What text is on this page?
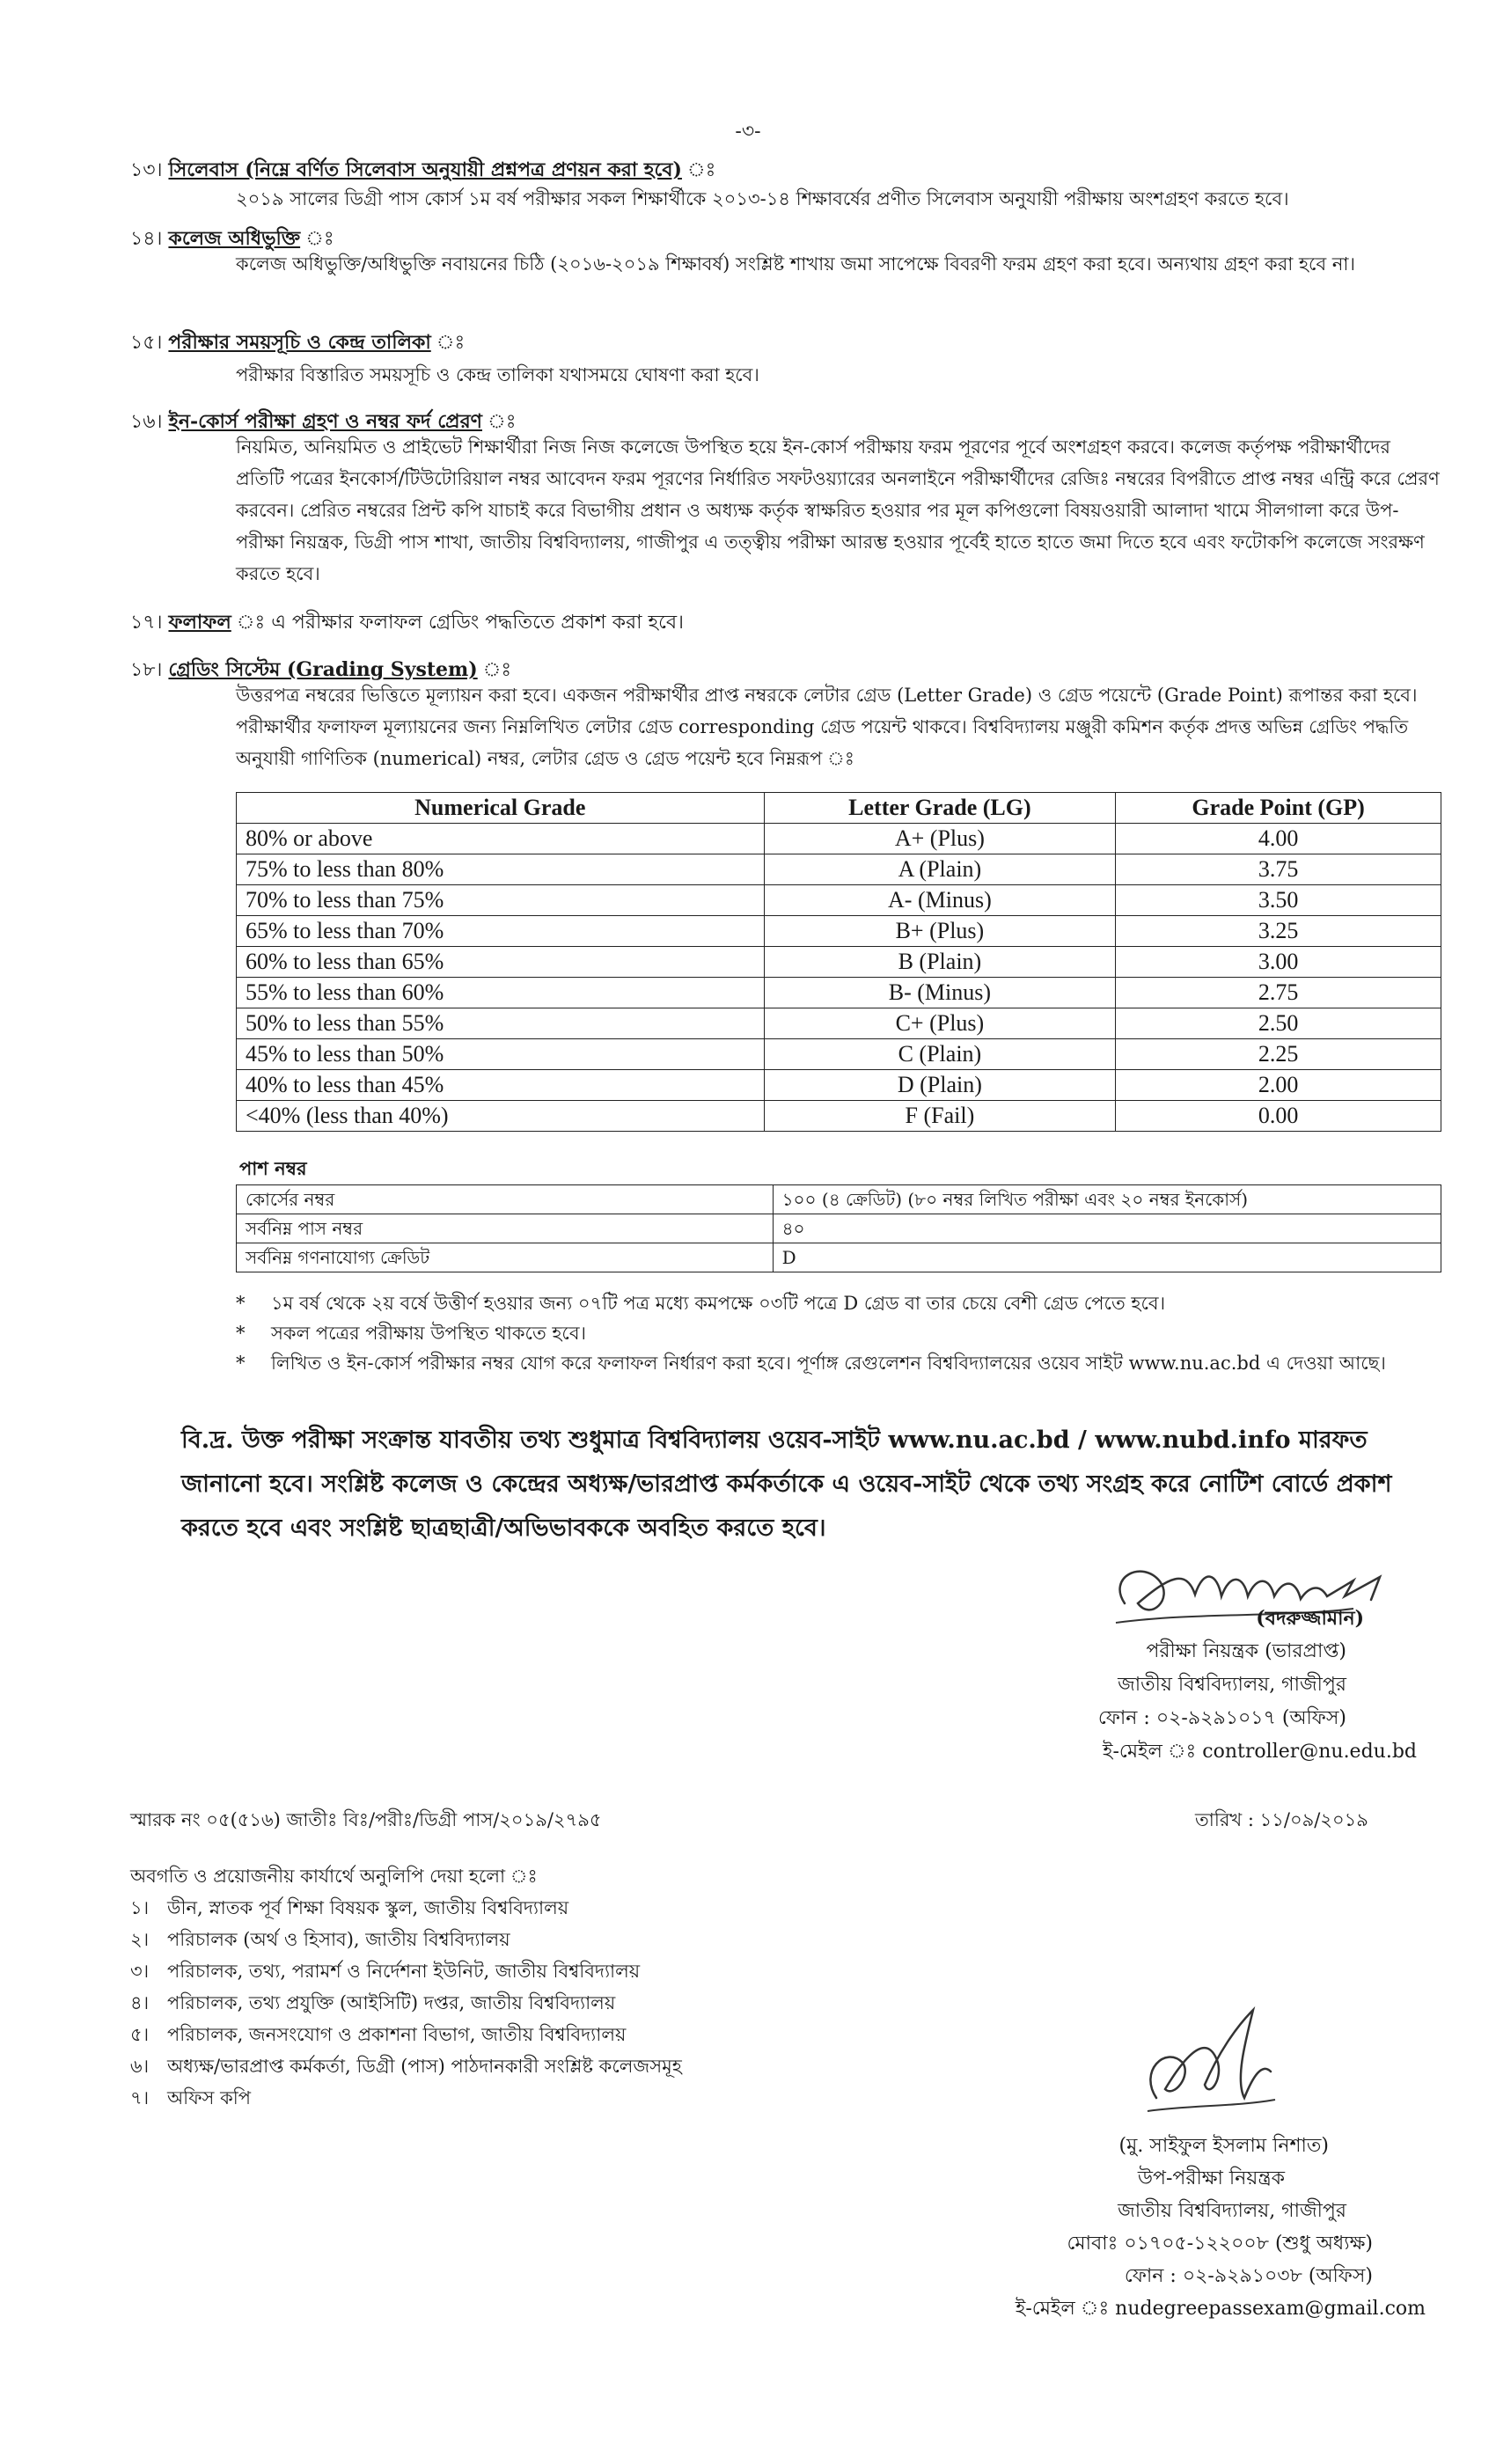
-৩-
১৩। সিলেবাস (নিম্নে বর্ণিত সিলেবাস অনুযায়ী প্রশ্নপত্র প্রণয়ন করা হবে)
২০১৯ সালের ডিগ্রী পাস কোর্স ১ম বর্ষ পরীক্ষার সকল শিক্ষার্থীকে ২০১৩-১৪ শিক্ষাবর্ষের প্রণীত সিলেবাস অনুযায়ী পরীক্ষায় অংশগ্রহণ করতে হবে।
১৪। কলেজ অধিভুক্তি
কলেজ অধিভুক্তি/অধিভুক্তি নবায়নের চিঠি (২০১৬-২০১৯ শিক্ষাবর্ষ) সংশ্লিষ্ট শাখায় জমা সাপেক্ষে বিবরণী ফরম গ্রহণ করা হবে। অন্যথায় গ্রহণ করা হবে না।
১৫। পরীক্ষার সময়সূচি ও কেন্দ্র তালিকা
পরীক্ষার বিস্তারিত সময়সূচি ও কেন্দ্র তালিকা যথাসময়ে ঘোষণা করা হবে।
১৬। ইন-কোর্স পরীক্ষা গ্রহণ ও নম্বর ফর্দ প্রেরণ
নিয়মিত, অনিয়মিত ও প্রাইভেট শিক্ষার্থীরা নিজ নিজ কলেজে উপস্থিত হয়ে ইন-কোর্স পরীক্ষায় ফরম পূরণের পূর্বে অংশগ্রহণ করবে। কলেজ কর্তৃপক্ষ পরীক্ষার্থীদের প্রতিটি পত্রের ইনকোর্স/টিউটোরিয়াল নম্বর আবেদন ফরম পূরণের নির্ধারিত সফটওয়্যারের অনলাইনে পরীক্ষার্থীদের রেজিঃ নম্বরের বিপরীতে প্রাপ্ত নম্বর এন্ট্রি করে প্রেরণ করবেন। প্রেরিত নম্বরের প্রিন্ট কপি যাচাই করে বিভাগীয় প্রধান ও অধ্যক্ষ কর্তৃক স্বাক্ষরিত হওয়ার পর মূল কপিগুলো বিষয়ওয়ারী আলাদা খামে সীলগালা করে উপ-পরীক্ষা নিয়ন্ত্রক, ডিগ্রী পাস শাখা, জাতীয় বিশ্ববিদ্যালয়, গাজীপুর এ তত্ত্বীয় পরীক্ষা আরম্ভ হওয়ার পূর্বেই হাতে হাতে জমা দিতে হবে এবং ফটোকপি কলেজে সংরক্ষণ করতে হবে।
১৭। ফলাফল এ পরীক্ষার ফলাফল গ্রেডিং পদ্ধতিতে প্রকাশ করা হবে।
১৮। গ্রেডিং সিস্টেম (Grading System)
উত্তরপত্র নম্বরের ভিত্তিতে মূল্যায়ন করা হবে। একজন পরীক্ষার্থীর প্রাপ্ত নম্বরকে লেটার গ্রেড (Letter Grade) ও গ্রেড পয়েন্টে (Grade Point) রূপান্তর করা হবে। পরীক্ষার্থীর ফলাফল মূল্যায়নের জন্য নিম্নলিখিত লেটার গ্রেড corresponding গ্রেড পয়েন্ট থাকবে। বিশ্ববিদ্যালয় মঞ্জুরী কমিশন কর্তৃক প্রদত্ত অভিন্ন গ্রেডিং পদ্ধতি অনুযায়ী গাণিতিক (numerical) নম্বর, লেটার গ্রেড ও গ্রেড পয়েন্ট হবে নিম্নরূপ ঃ
Numerical Grade	Letter Grade (LG)	Grade Point (GP)
80% or above	A+ (Plus)	4.00
75% to less than 80%	A (Plain)	3.75
70% to less than 75%	A- (Minus)	3.50
65% to less than 70%	B+ (Plus)	3.25
60% to less than 65%	B (Plain)	3.00
55% to less than 60%	B- (Minus)	2.75
50% to less than 55%	C+ (Plus)	2.50
45% to less than 50%	C (Plain)	2.25
40% to less than 45%	D (Plain)	2.00
<40% (less than 40%)	F (Fail)	0.00
পাশ নম্বর
কোর্সের নম্বর	১০০ (৪ ক্রেডিট) (৮০ নম্বর লিখিত পরীক্ষা এবং ২০ নম্বর ইনকোর্স)
সর্বনিম্ন পাস নম্বর	৪০
সর্বনিম্ন গণনাযোগ্য ক্রেডিট	D
*	১ম বর্ষ থেকে ২য় বর্ষে উত্তীর্ণ হওয়ার জন্য ০৭টি পত্র মধ্যে কমপক্ষে ০৩টি পত্রে D গ্রেড বা তার চেয়ে বেশী গ্রেড পেতে হবে।
*	সকল পত্রের পরীক্ষায় উপস্থিত থাকতে হবে।
*	লিখিত ও ইন-কোর্স পরীক্ষার নম্বর যোগ করে ফলাফল নির্ধারণ করা হবে। পূর্ণাঙ্গ রেগুলেশন বিশ্ববিদ্যালয়ের ওয়েব সাইট www.nu.ac.bd এ দেওয়া আছে।
বি.দ্র. উক্ত পরীক্ষা সংক্রান্ত যাবতীয় তথ্য শুধুমাত্র বিশ্ববিদ্যালয় ওয়েব-সাইট www.nu.ac.bd / www.nubd.info মারফত জানানো হবে। সংশ্লিষ্ট কলেজ ও কেন্দ্রের অধ্যক্ষ/ভারপ্রাপ্ত কর্মকর্তাকে এ ওয়েব-সাইট থেকে তথ্য সংগ্রহ করে নোটিশ বোর্ডে প্রকাশ করতে হবে এবং সংশ্লিষ্ট ছাত্রছাত্রী/অভিভাবককে অবহিত করতে হবে।
(বদরুজ্জামান)
পরীক্ষা নিয়ন্ত্রক (ভারপ্রাপ্ত)
জাতীয় বিশ্ববিদ্যালয়, গাজীপুর
ফোন : ০২-৯২৯১০১৭ (অফিস)
ই-মেইল ঃ controller@nu.edu.bd
স্মারক নং ০৫(৫১৬) জাতীঃ বিঃ/পরীঃ/ডিগ্রী পাস/২০১৯/২৭৯৫	তারিখ : ১১/০৯/২০১৯
অবগতি ও প্রয়োজনীয় কার্যার্থে অনুলিপি দেয়া হলো ঃ
১। ডীন, স্নাতক পূর্ব শিক্ষা বিষয়ক স্কুল, জাতীয় বিশ্ববিদ্যালয়
২। পরিচালক (অর্থ ও হিসাব), জাতীয় বিশ্ববিদ্যালয়
৩। পরিচালক, তথ্য, পরামর্শ ও নির্দেশনা ইউনিট, জাতীয় বিশ্ববিদ্যালয়
৪। পরিচালক, তথ্য প্রযুক্তি (আইসিটি) দপ্তর, জাতীয় বিশ্ববিদ্যালয়
৫। পরিচালক, জনসংযোগ ও প্রকাশনা বিভাগ, জাতীয় বিশ্ববিদ্যালয়
৬। অধ্যক্ষ/ভারপ্রাপ্ত কর্মকর্তা, ডিগ্রী (পাস) পাঠদানকারী সংশ্লিষ্ট কলেজসমূহ
৭। অফিস কপি
(মু. সাইফুল ইসলাম নিশাত)
উপ-পরীক্ষা নিয়ন্ত্রক
জাতীয় বিশ্ববিদ্যালয়, গাজীপুর
মোবাঃ ০১৭০৫-১২২০০৮ (শুধু অধ্যক্ষ)
ফোন : ০২-৯২৯১০৩৮ (অফিস)
ই-মেইল ঃ nudegreepassexam@gmail.com
